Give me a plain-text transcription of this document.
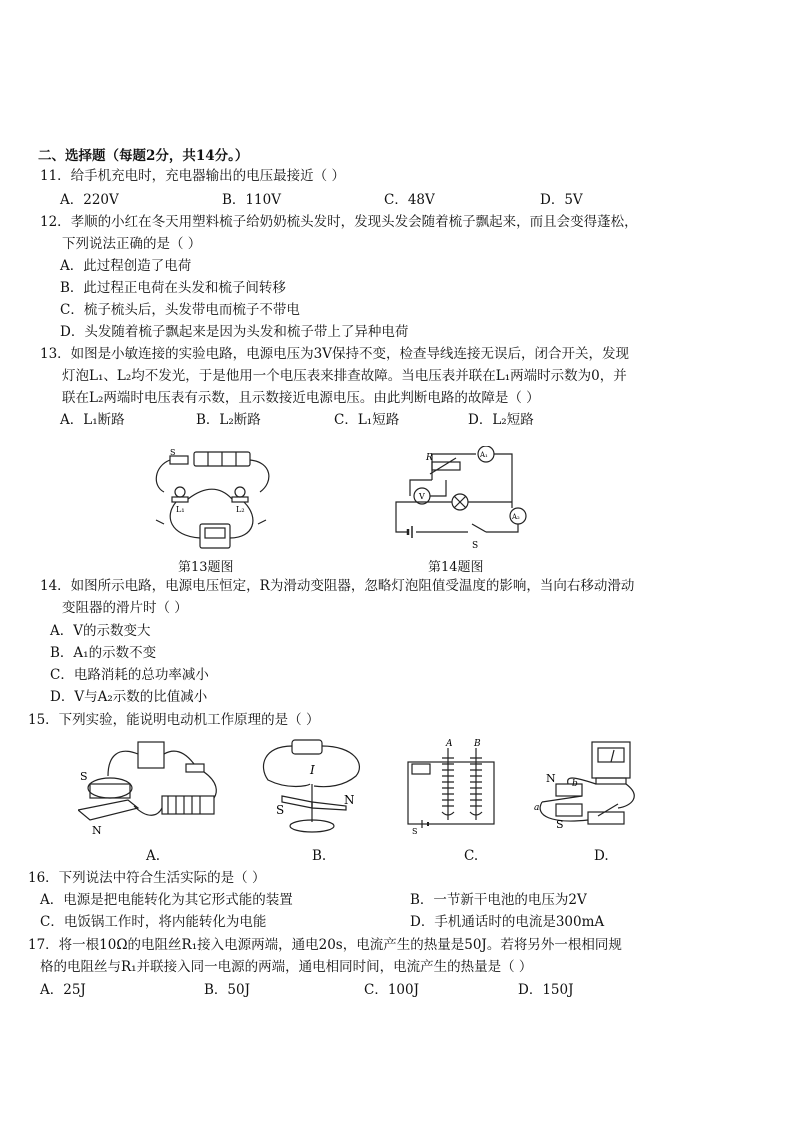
二、选择题（每题2分，共14分。）
11．给手机充电时，充电器输出的电压最接近（ ）
A．220V	B．110V	C．48V	D．5V
12．孝顺的小红在冬天用塑料梳子给奶奶梳头发时，发现头发会随着梳子飘起来，而且会变得蓬松，
下列说法正确的是（ ）
A．此过程创造了电荷
B．此过程正电荷在头发和梳子间转移
C．梳子梳头后，头发带电而梳子不带电
D．头发随着梳子飘起来是因为头发和梳子带上了异种电荷
13．如图是小敏连接的实验电路，电源电压为3V保持不变，检查导线连接无误后，闭合开关，发现
灯泡L₁、L₂均不发光，于是他用一个电压表来排查故障。当电压表并联在L₁两端时示数为0，并
联在L₂两端时电压表有示数，且示数接近电源电压。由此判断电路的故障是（ ）
A．L₁断路	B．L₂断路	C．L₁短路	D．L₂短路
S
L₁	L₂
第13题图
R	A₁
V
A₂
S
第14题图
14．如图所示电路，电源电压恒定，R为滑动变阻器，忽略灯泡阻值受温度的影响，当向右移动滑动
变阻器的滑片时（ ）
A．V的示数变大
B．A₁的示数不变
C．电路消耗的总功率减小
D．V与A₂示数的比值减小
15．下列实验，能说明电动机工作原理的是（ ）
S
N
A.
I
S
N
B.
A B
S
C.
N b
a
S
D.
16．下列说法中符合生活实际的是（ ）
A．电源是把电能转化为其它形式能的装置	B．一节新干电池的电压为2V
C．电饭锅工作时，将内能转化为电能	D．手机通话时的电流是300mA
17．将一根10Ω的电阻丝R₁接入电源两端，通电20s，电流产生的热量是50J。若将另外一根相同规
格的电阻丝与R₁并联接入同一电源的两端，通电相同时间，电流产生的热量是（ ）
A．25J	B．50J	C．100J	D．150J
